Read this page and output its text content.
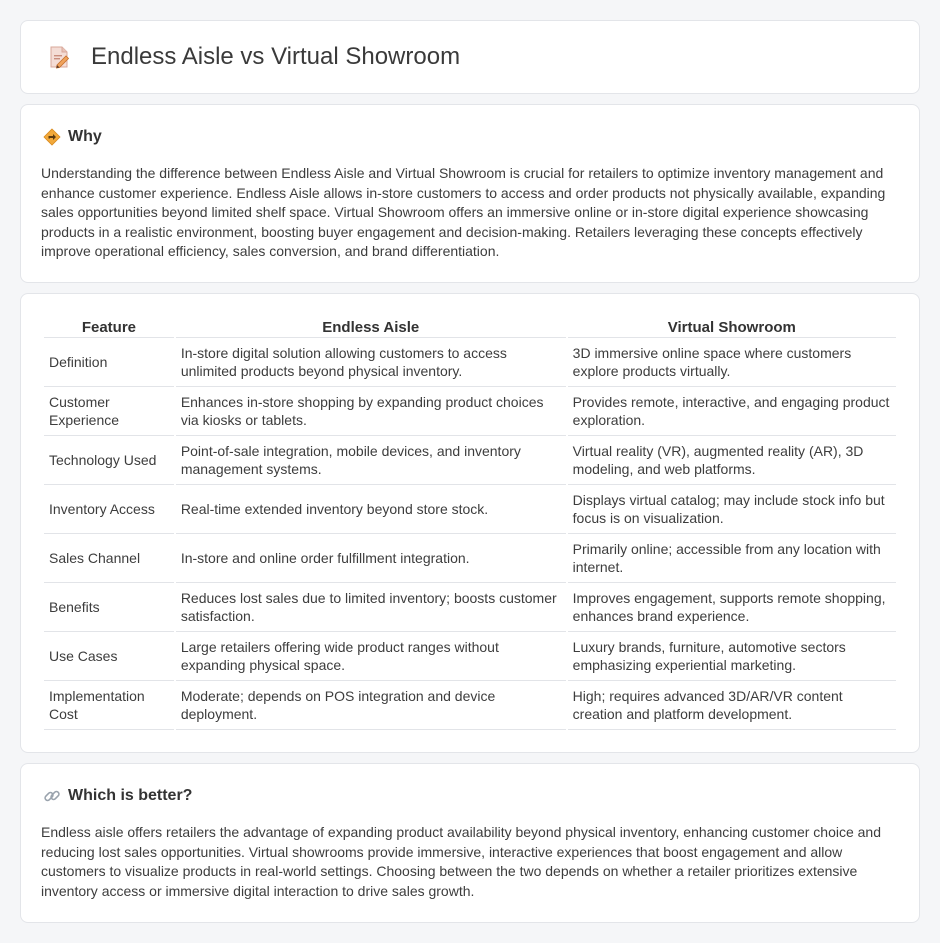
Endless Aisle vs Virtual Showroom
Why

Understanding the difference between Endless Aisle and Virtual Showroom is crucial for retailers to optimize inventory management and enhance customer experience. Endless Aisle allows in-store customers to access and order products not physically available, expanding sales opportunities beyond limited shelf space. Virtual Showroom offers an immersive online or in-store digital experience showcasing products in a realistic environment, boosting buyer engagement and decision-making. Retailers leveraging these concepts effectively improve operational efficiency, sales conversion, and brand differentiation.

Feature	Endless Aisle	Virtual Showroom
Definition	In-store digital solution allowing customers to access unlimited products beyond physical inventory.	3D immersive online space where customers explore products virtually.
Customer Experience	Enhances in-store shopping by expanding product choices via kiosks or tablets.	Provides remote, interactive, and engaging product exploration.
Technology Used	Point-of-sale integration, mobile devices, and inventory management systems.	Virtual reality (VR), augmented reality (AR), 3D modeling, and web platforms.
Inventory Access	Real-time extended inventory beyond store stock.	Displays virtual catalog; may include stock info but focus is on visualization.
Sales Channel	In-store and online order fulfillment integration.	Primarily online; accessible from any location with internet.
Benefits	Reduces lost sales due to limited inventory; boosts customer satisfaction.	Improves engagement, supports remote shopping, enhances brand experience.
Use Cases	Large retailers offering wide product ranges without expanding physical space.	Luxury brands, furniture, automotive sectors emphasizing experiential marketing.
Implementation Cost	Moderate; depends on POS integration and device deployment.	High; requires advanced 3D/AR/VR content creation and platform development.
Which is better?

Endless aisle offers retailers the advantage of expanding product availability beyond physical inventory, enhancing customer choice and reducing lost sales opportunities. Virtual showrooms provide immersive, interactive experiences that boost engagement and allow customers to visualize products in real-world settings. Choosing between the two depends on whether a retailer prioritizes extensive inventory access or immersive digital interaction to drive sales growth.
